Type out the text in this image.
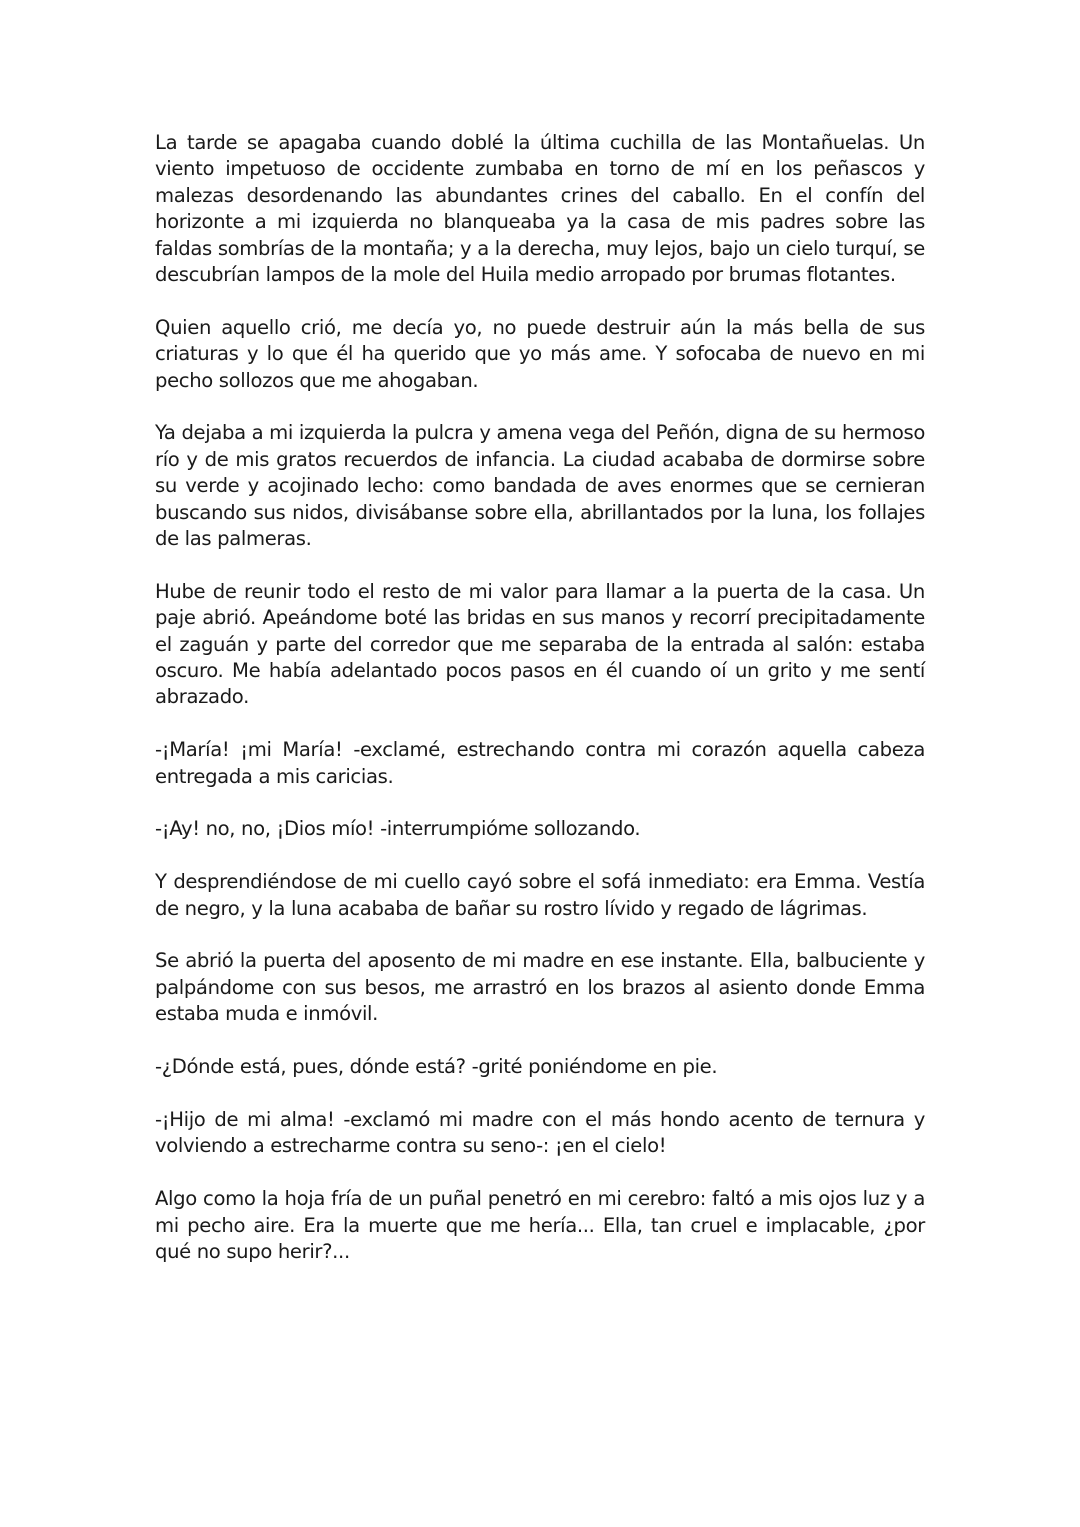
La tarde se apagaba cuando doblé la última cuchilla de las Montañuelas. Un viento impetuoso de occidente zumbaba en torno de mí en los peñascos y malezas desordenando las abundantes crines del caballo. En el confín del horizonte a mi izquierda no blanqueaba ya la casa de mis padres sobre las faldas sombrías de la montaña; y a la derecha, muy lejos, bajo un cielo turquí, se descubrían lampos de la mole del Huila medio arropado por brumas flotantes.

Quien aquello crió, me decía yo, no puede destruir aún la más bella de sus criaturas y lo que él ha querido que yo más ame. Y sofocaba de nuevo en mi pecho sollozos que me ahogaban.

Ya dejaba a mi izquierda la pulcra y amena vega del Peñón, digna de su hermoso río y de mis gratos recuerdos de infancia. La ciudad acababa de dormirse sobre su verde y acojinado lecho: como bandada de aves enormes que se cernieran buscando sus nidos, divisábanse sobre ella, abrillantados por la luna, los follajes de las palmeras.

Hube de reunir todo el resto de mi valor para llamar a la puerta de la casa. Un paje abrió. Apeándome boté las bridas en sus manos y recorrí precipitadamente el zaguán y parte del corredor que me separaba de la entrada al salón: estaba oscuro. Me había adelantado pocos pasos en él cuando oí un grito y me sentí abrazado.

-¡María! ¡mi María! -exclamé, estrechando contra mi corazón aquella cabeza entregada a mis caricias.

-¡Ay! no, no, ¡Dios mío! -interrumpióme sollozando.

Y desprendiéndose de mi cuello cayó sobre el sofá inmediato: era Emma. Vestía de negro, y la luna acababa de bañar su rostro lívido y regado de lágrimas.

Se abrió la puerta del aposento de mi madre en ese instante. Ella, balbuciente y palpándome con sus besos, me arrastró en los brazos al asiento donde Emma estaba muda e inmóvil.

-¿Dónde está, pues, dónde está? -grité poniéndome en pie.

-¡Hijo de mi alma! -exclamó mi madre con el más hondo acento de ternura y volviendo a estrecharme contra su seno-: ¡en el cielo!

Algo como la hoja fría de un puñal penetró en mi cerebro: faltó a mis ojos luz y a mi pecho aire. Era la muerte que me hería... Ella, tan cruel e implacable, ¿por qué no supo herir?...
